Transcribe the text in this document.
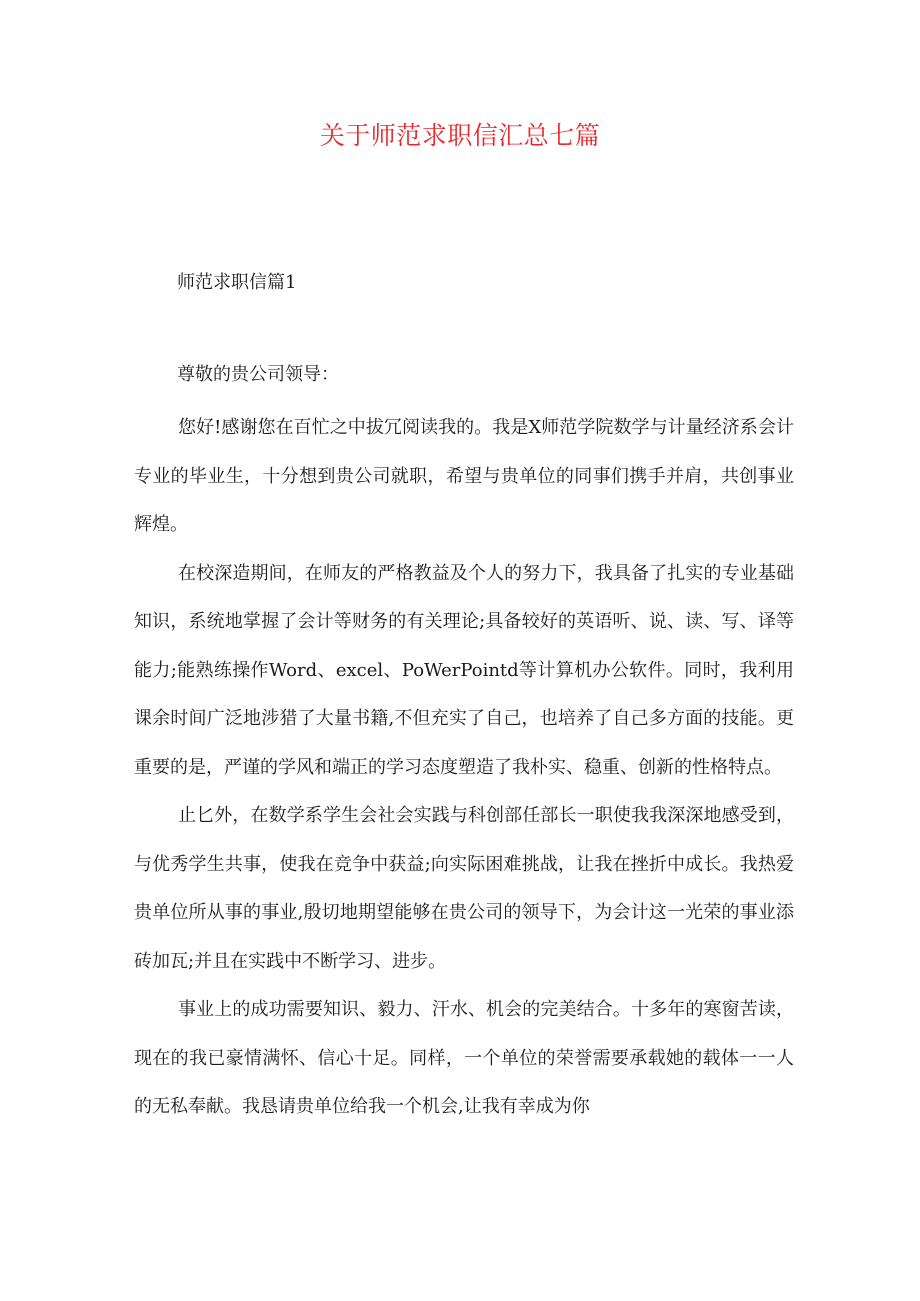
关于师范求职信汇总七篇
师范求职信篇1
尊敬的贵公司领导：

您好!感谢您在百忙之中拔冗阅读我的。我是X师范学院数学与计量经济系会计专业的毕业生，十分想到贵公司就职，希望与贵单位的同事们携手并肩，共创事业辉煌。

在校深造期间，在师友的严格教益及个人的努力下，我具备了扎实的专业基础知识，系统地掌握了会计等财务的有关理论;具备较好的英语听、说、读、写、译等能力;能熟练操作Word、excel、PoWerPointd等计算机办公软件。同时，我利用课余时间广泛地涉猎了大量书籍,不但充实了自己，也培养了自己多方面的技能。更重要的是，严谨的学风和端正的学习态度塑造了我朴实、稳重、创新的性格特点。

止匕外，在数学系学生会社会实践与科创部任部长一职使我我深深地感受到，与优秀学生共事，使我在竞争中获益;向实际困难挑战，让我在挫折中成长。我热爱贵单位所从事的事业,殷切地期望能够在贵公司的领导下，为会计这一光荣的事业添砖加瓦;并且在实践中不断学习、进步。

事业上的成功需要知识、毅力、汗水、机会的完美结合。十多年的寒窗苦读，现在的我已豪情满怀、信心十足。同样，一个单位的荣誉需要承载她的载体一一人的无私奉献。我恳请贵单位给我一个机会,让我有幸成为你
